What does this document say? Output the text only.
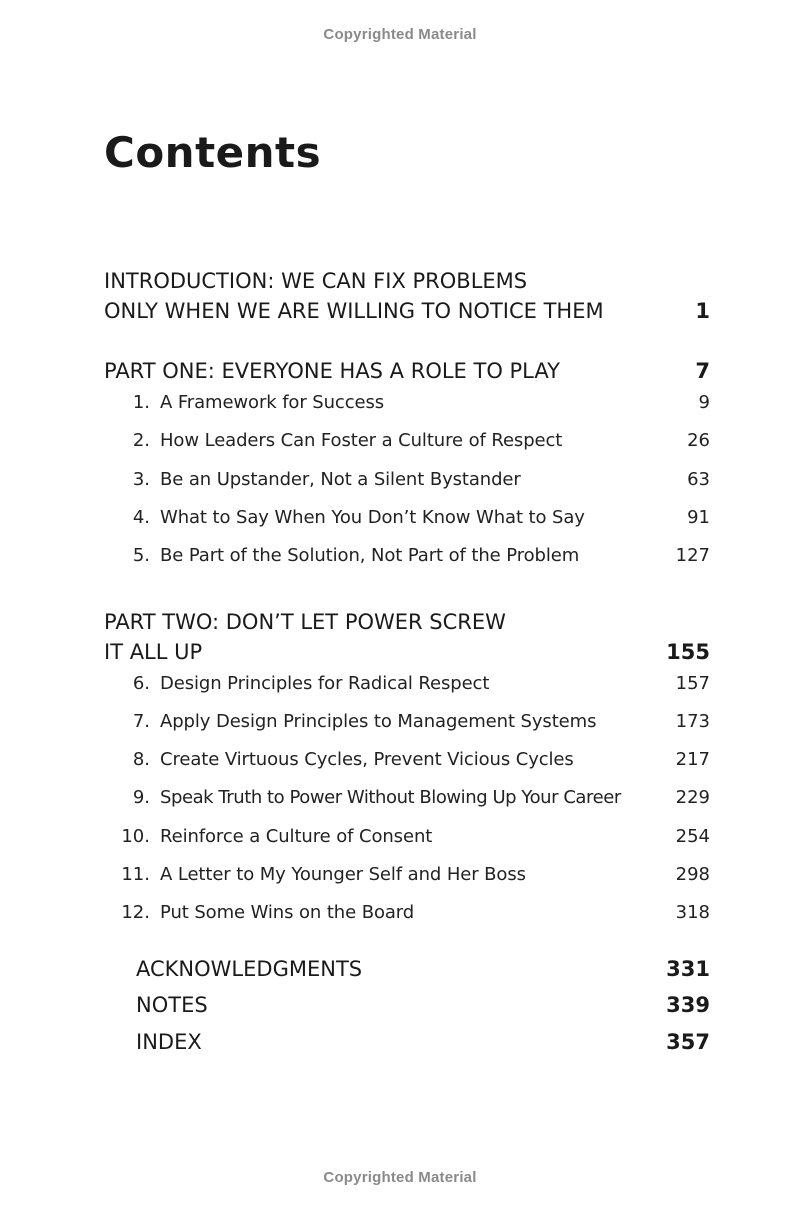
Copyrighted Material
Contents
INTRODUCTION: WE CAN FIX PROBLEMS
ONLY WHEN WE ARE WILLING TO NOTICE THEM	1
PART ONE: EVERYONE HAS A ROLE TO PLAY	7
1. A Framework for Success	9
2. How Leaders Can Foster a Culture of Respect	26
3. Be an Upstander, Not a Silent Bystander	63
4. What to Say When You Don’t Know What to Say	91
5. Be Part of the Solution, Not Part of the Problem	127
PART TWO: DON’T LET POWER SCREW
IT ALL UP	155
6. Design Principles for Radical Respect	157
7. Apply Design Principles to Management Systems	173
8. Create Virtuous Cycles, Prevent Vicious Cycles	217
9. Speak Truth to Power Without Blowing Up Your Career	229
10. Reinforce a Culture of Consent	254
11. A Letter to My Younger Self and Her Boss	298
12. Put Some Wins on the Board	318
ACKNOWLEDGMENTS	331
NOTES	339
INDEX	357
Copyrighted Material
